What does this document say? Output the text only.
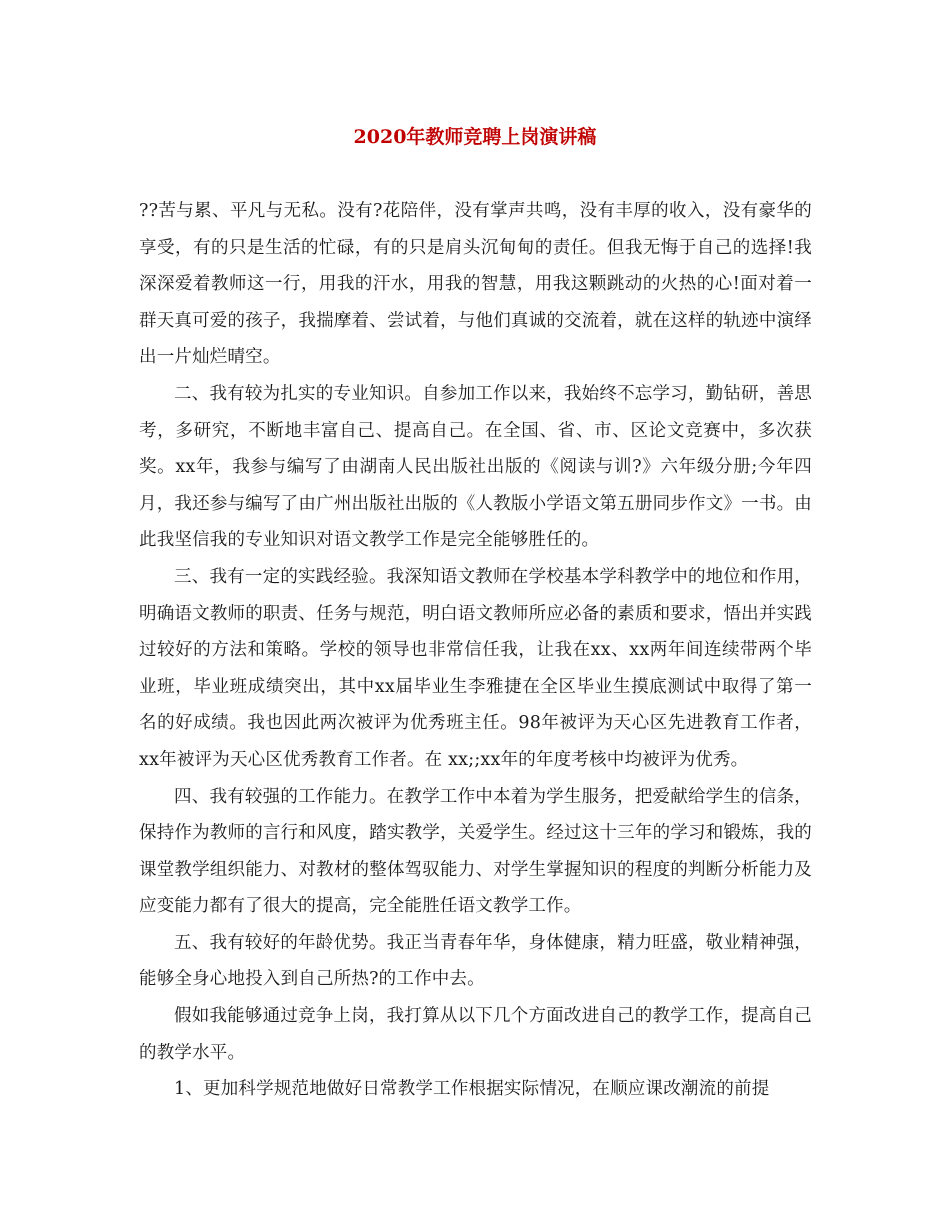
2020年教师竞聘上岗演讲稿

??苦与累、平凡与无私。没有?花陪伴，没有掌声共鸣，没有丰厚的收入，没有豪华的享受，有的只是生活的忙碌，有的只是肩头沉甸甸的责任。但我无悔于自己的选择!我深深爱着教师这一行，用我的汗水，用我的智慧，用我这颗跳动的火热的心!面对着一群天真可爱的孩子，我揣摩着、尝试着，与他们真诚的交流着，就在这样的轨迹中演绎出一片灿烂晴空。

二、我有较为扎实的专业知识。自参加工作以来，我始终不忘学习，勤钻研，善思考，多研究，不断地丰富自己、提高自己。在全国、省、市、区论文竞赛中，多次获奖。xx年，我参与编写了由湖南人民出版社出版的《阅读与训?》六年级分册;今年四月，我还参与编写了由广州出版社出版的《人教版小学语文第五册同步作文》一书。由此我坚信我的专业知识对语文教学工作是完全能够胜任的。

三、我有一定的实践经验。我深知语文教师在学校基本学科教学中的地位和作用，明确语文教师的职责、任务与规范，明白语文教师所应必备的素质和要求，悟出并实践过较好的方法和策略。学校的领导也非常信任我，让我在xx、xx两年间连续带两个毕业班，毕业班成绩突出，其中xx届毕业生李雅捷在全区毕业生摸底测试中取得了第一名的好成绩。我也因此两次被评为优秀班主任。98年被评为天心区先进教育工作者，xx年被评为天心区优秀教育工作者。在 xx;;xx年的年度考核中均被评为优秀。

四、我有较强的工作能力。在教学工作中本着为学生服务，把爱献给学生的信条，保持作为教师的言行和风度，踏实教学，关爱学生。经过这十三年的学习和锻炼，我的课堂教学组织能力、对教材的整体驾驭能力、对学生掌握知识的程度的判断分析能力及应变能力都有了很大的提高，完全能胜任语文教学工作。

五、我有较好的年龄优势。我正当青春年华，身体健康，精力旺盛，敬业精神强，能够全身心地投入到自己所热?的工作中去。

假如我能够通过竞争上岗，我打算从以下几个方面改进自己的教学工作，提高自己的教学水平。

1、更加科学规范地做好日常教学工作根据实际情况，在顺应课改潮流的前提
